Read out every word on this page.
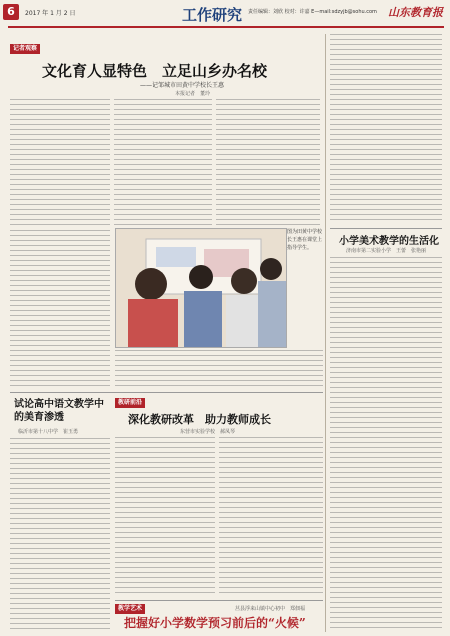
6	2017 年 1 月 2 日	工作研究 责任编辑：刘欣 校对：许嘉 E—mail:sdzyjb@sohu.com 山东教育报
记者观察
文化育人显特色　立足山乡办名校
——记邹城市田黄中学校长王惠
本报记者　董玲
图为田黄中学校长王惠在课堂上指导学生。
小学美术教学的生活化
济南市第二实验小学　王蕾　张艳丽
试论高中语文教学中的美育渗透
临沂市第十八中学　崔玉勇
教研前沿
深化教研改革　助力教师成长
东营市实验学校　郝凤琴
教学艺术
把握好小学数学预习前后的“火候”
莒县浮来山镇中心初中　郑佃福
